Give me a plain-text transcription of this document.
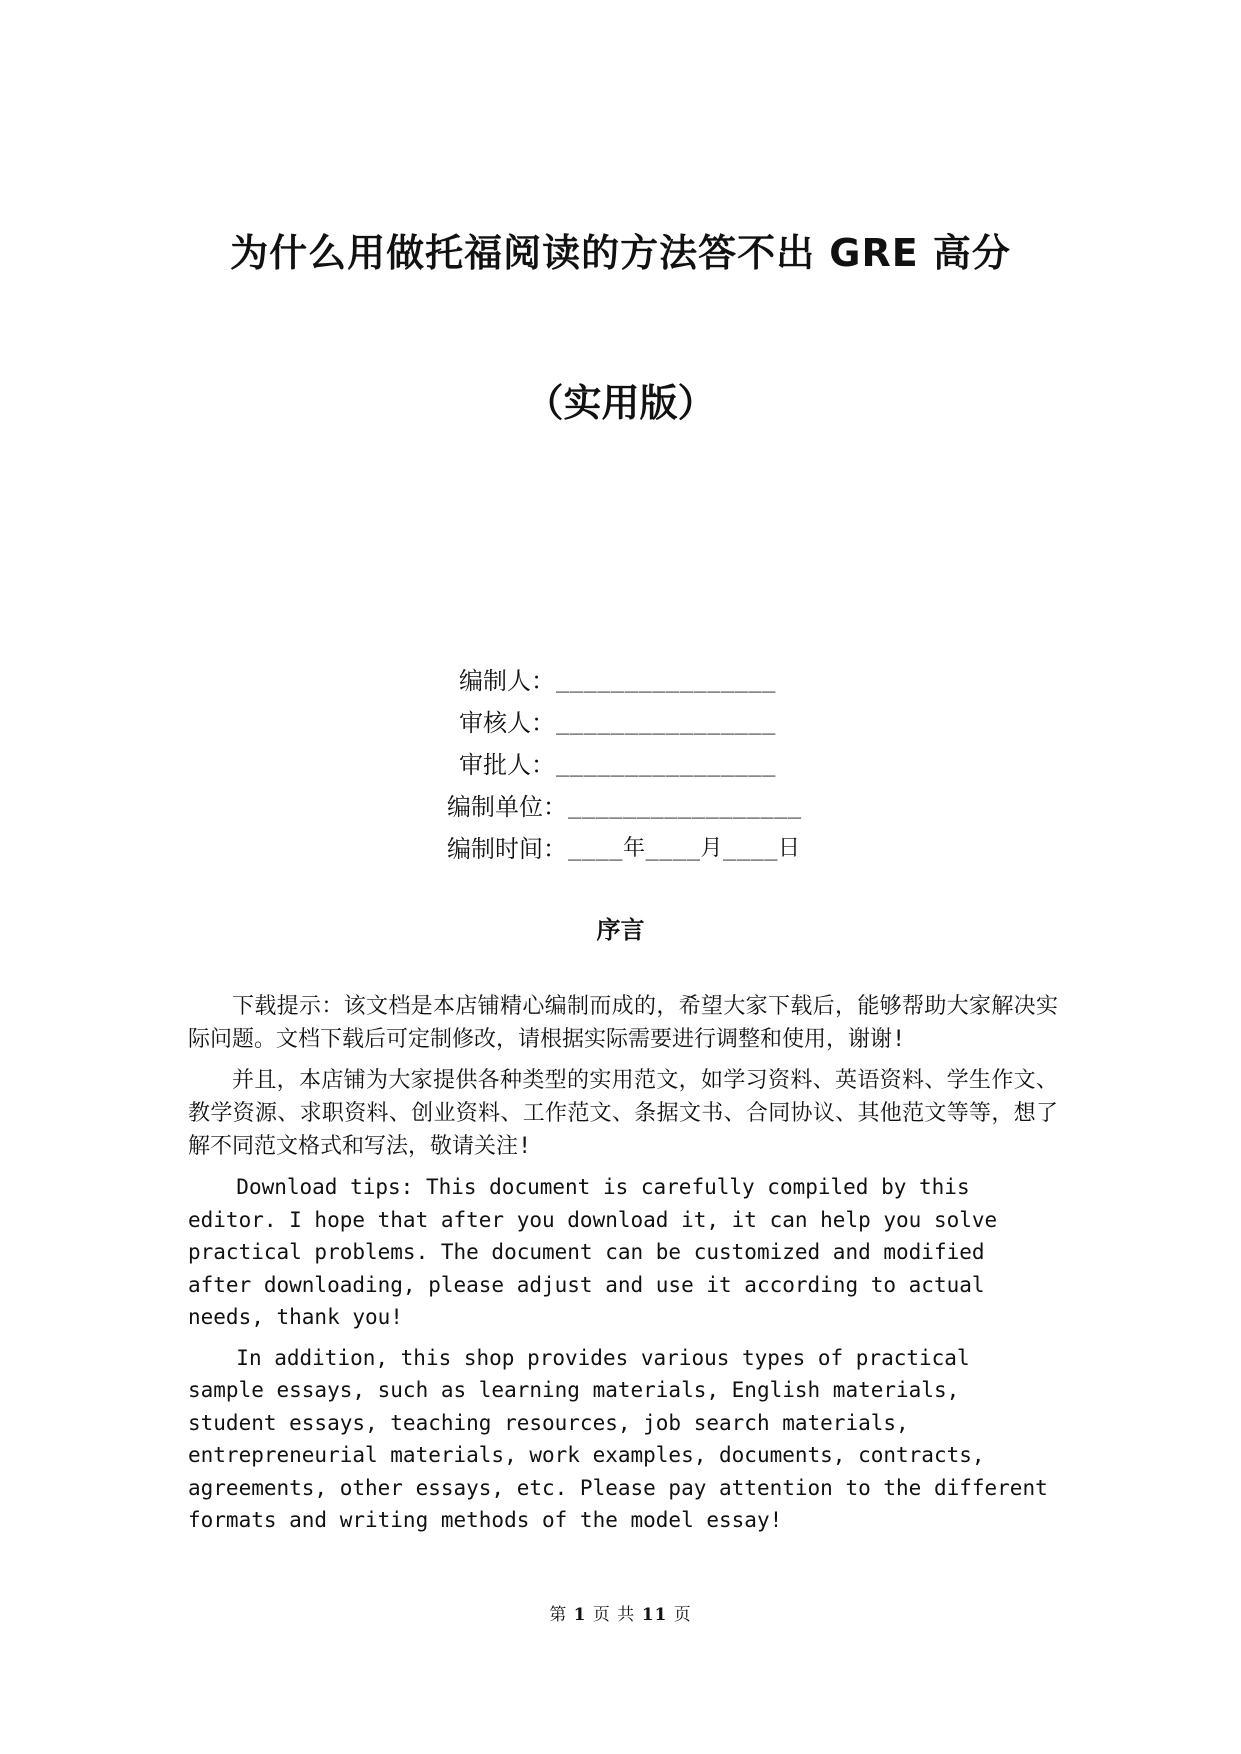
为什么用做托福阅读的方法答不出 GRE 高分
（实用版）
编制人： ________________
审核人： ________________
审批人： ________________
编制单位： _________________
编制时间： ____年____月____日
序言

下载提示：该文档是本店铺精心编制而成的，希望大家下载后，能够帮助大家解决实际问题。文档下载后可定制修改，请根据实际需要进行调整和使用，谢谢!

并且，本店铺为大家提供各种类型的实用范文，如学习资料、英语资料、学生作文、教学资源、求职资料、创业资料、工作范文、条据文书、合同协议、其他范文等等，想了解不同范文格式和写法，敬请关注!

Download tips: This document is carefully compiled by this editor. I hope that after you download it, it can help you solve practical problems. The document can be customized and modified after downloading, please adjust and use it according to actual needs, thank you!

In addition, this shop provides various types of practical sample essays, such as learning materials, English materials, student essays, teaching resources, job search materials, entrepreneurial materials, work examples, documents, contracts, agreements, other essays, etc. Please pay attention to the different formats and writing methods of the model essay!

第 1 页 共 11 页
